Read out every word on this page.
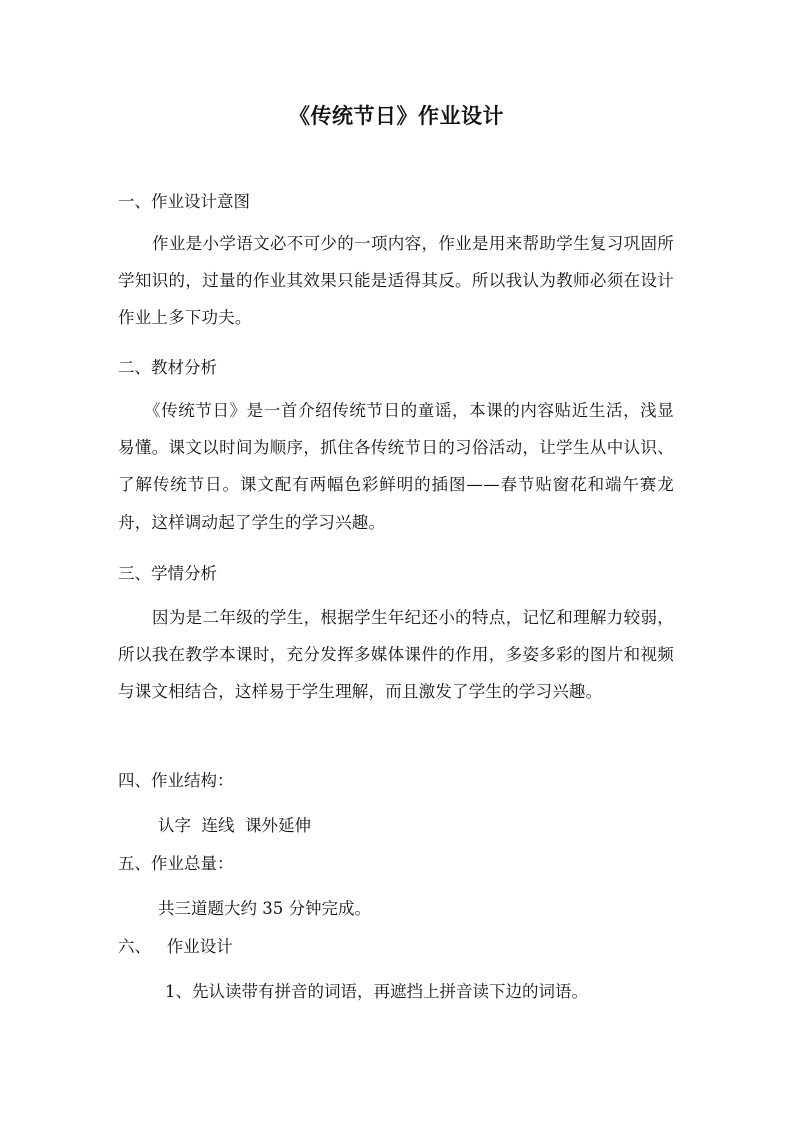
《传统节日》作业设计
一、作业设计意图
作业是小学语文必不可少的一项内容，作业是用来帮助学生复习巩固所学知识的，过量的作业其效果只能是适得其反。所以我认为教师必须在设计作业上多下功夫。
二、教材分析
《传统节日》是一首介绍传统节日的童谣，本课的内容贴近生活，浅显易懂。课文以时间为顺序，抓住各传统节日的习俗活动，让学生从中认识、了解传统节日。课文配有两幅色彩鲜明的插图——春节贴窗花和端午赛龙舟，这样调动起了学生的学习兴趣。
三、学情分析
因为是二年级的学生，根据学生年纪还小的特点，记忆和理解力较弱，所以我在教学本课时，充分发挥多媒体课件的作用，多姿多彩的图片和视频与课文相结合，这样易于学生理解，而且激发了学生的学习兴趣。
四、作业结构：
认字  连线  课外延伸
五、作业总量：
共三道题大约 35 分钟完成。
六、   作业设计
1、先认读带有拼音的词语，再遮挡上拼音读下边的词语。
